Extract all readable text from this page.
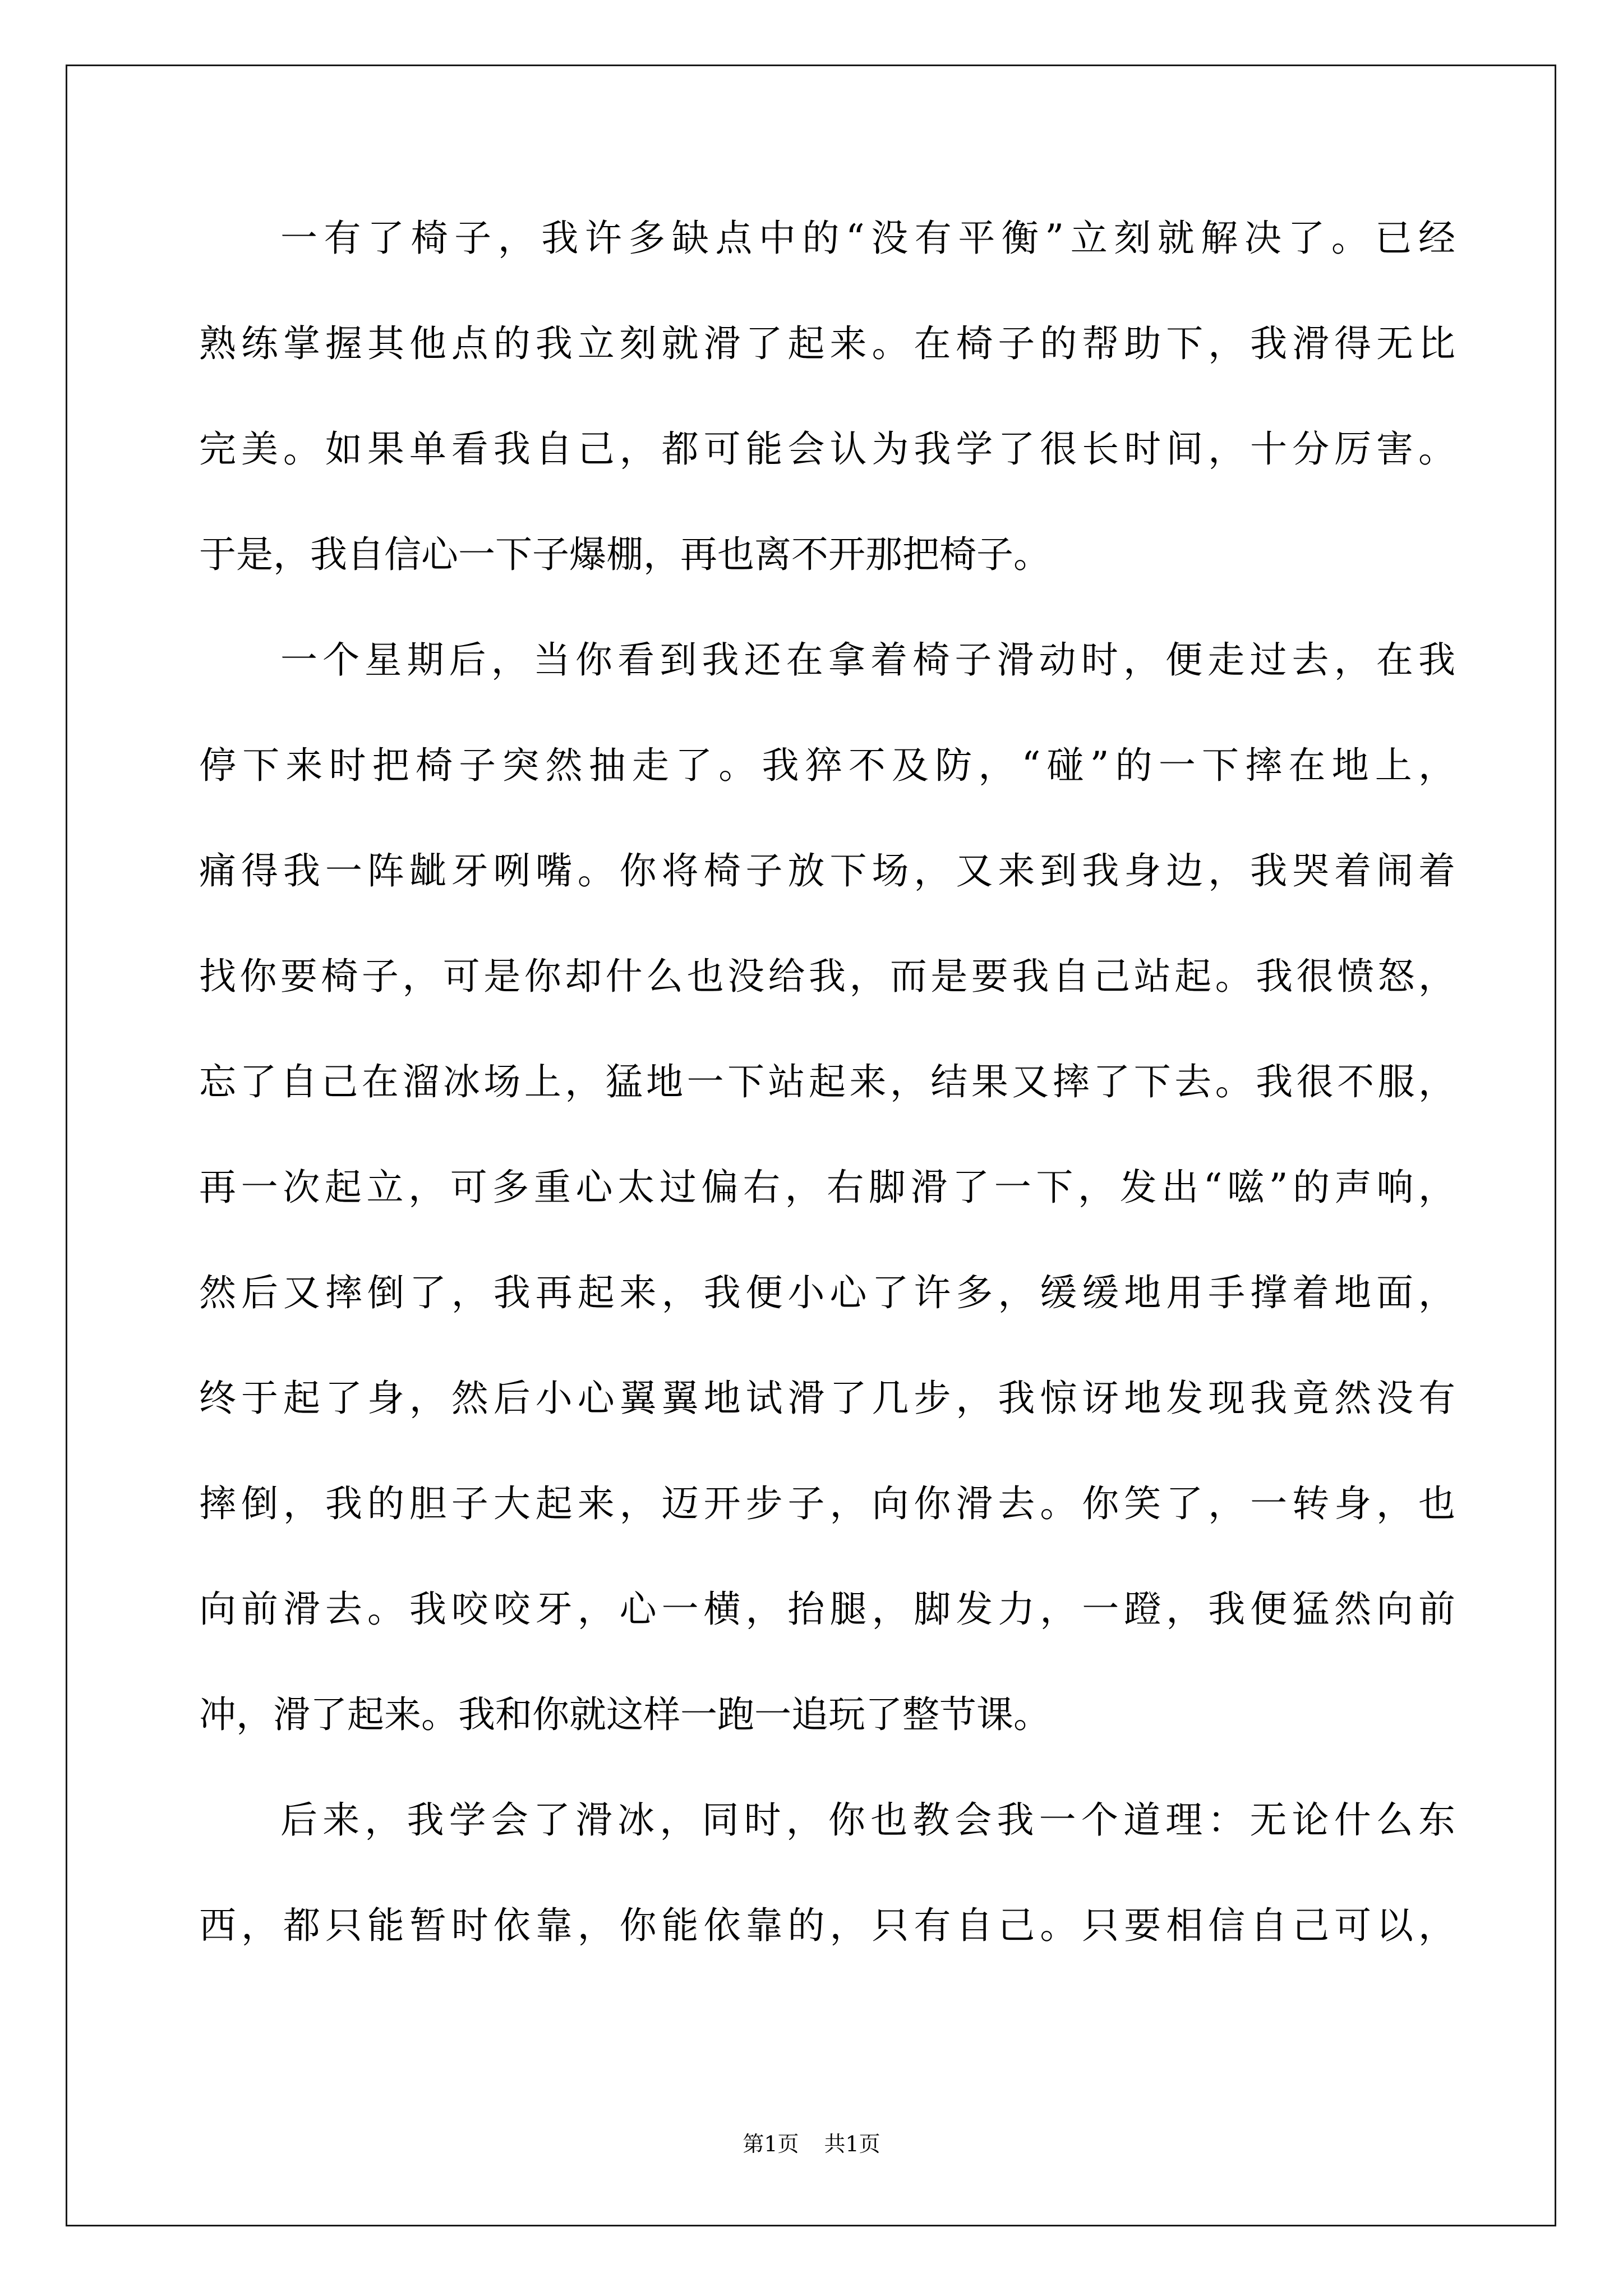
一有了椅子，我许多缺点中的“没有平衡”立刻就解决了。已经
熟练掌握其他点的我立刻就滑了起来。在椅子的帮助下，我滑得无比
完美。如果单看我自己，都可能会认为我学了很长时间，十分厉害。
于是，我自信心一下子爆棚，再也离不开那把椅子。
一个星期后，当你看到我还在拿着椅子滑动时，便走过去，在我
停下来时把椅子突然抽走了。我猝不及防，“碰”的一下摔在地上，
痛得我一阵龇牙咧嘴。你将椅子放下场，又来到我身边，我哭着闹着
找你要椅子，可是你却什么也没给我，而是要我自己站起。我很愤怒，
忘了自己在溜冰场上，猛地一下站起来，结果又摔了下去。我很不服，
再一次起立，可多重心太过偏右，右脚滑了一下，发出“嗞”的声响，
然后又摔倒了，我再起来，我便小心了许多，缓缓地用手撑着地面，
终于起了身，然后小心翼翼地试滑了几步，我惊讶地发现我竟然没有
摔倒，我的胆子大起来，迈开步子，向你滑去。你笑了，一转身，也
向前滑去。我咬咬牙，心一横，抬腿，脚发力，一蹬，我便猛然向前
冲，滑了起来。我和你就这样一跑一追玩了整节课。
后来，我学会了滑冰，同时，你也教会我一个道理：无论什么东
西，都只能暂时依靠，你能依靠的，只有自己。只要相信自己可以，
第1页 共1页
